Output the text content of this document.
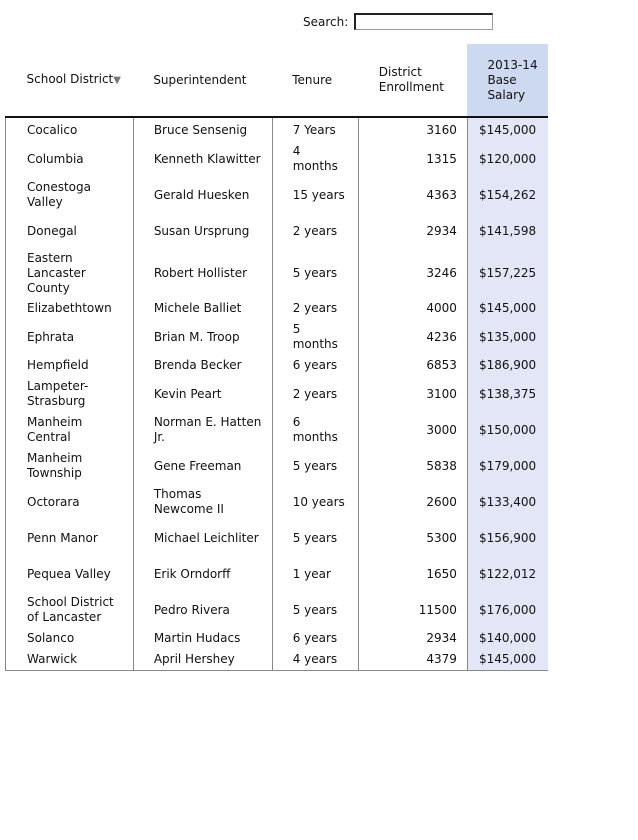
Search:
School District▼	Superintendent	Tenure	District Enrollment	2013-14 Base Salary
Cocalico	Bruce Sensenig	7 Years	3160	$145,000
Columbia	Kenneth Klawitter	4 months	1315	$120,000
Conestoga Valley	Gerald Huesken	15 years	4363	$154,262
Donegal	Susan Ursprung	2 years	2934	$141,598
Eastern Lancaster County	Robert Hollister	5 years	3246	$157,225
Elizabethtown	Michele Balliet	2 years	4000	$145,000
Ephrata	Brian M. Troop	5 months	4236	$135,000
Hempfield	Brenda Becker	6 years	6853	$186,900
Lampeter-Strasburg	Kevin Peart	2 years	3100	$138,375
Manheim Central	Norman E. Hatten Jr.	6 months	3000	$150,000
Manheim Township	Gene Freeman	5 years	5838	$179,000
Octorara	Thomas Newcome II	10 years	2600	$133,400
Penn Manor	Michael Leichliter	5 years	5300	$156,900
Pequea Valley	Erik Orndorff	1 year	1650	$122,012
School District of Lancaster	Pedro Rivera	5 years	11500	$176,000
Solanco	Martin Hudacs	6 years	2934	$140,000
Warwick	April Hershey	4 years	4379	$145,000
